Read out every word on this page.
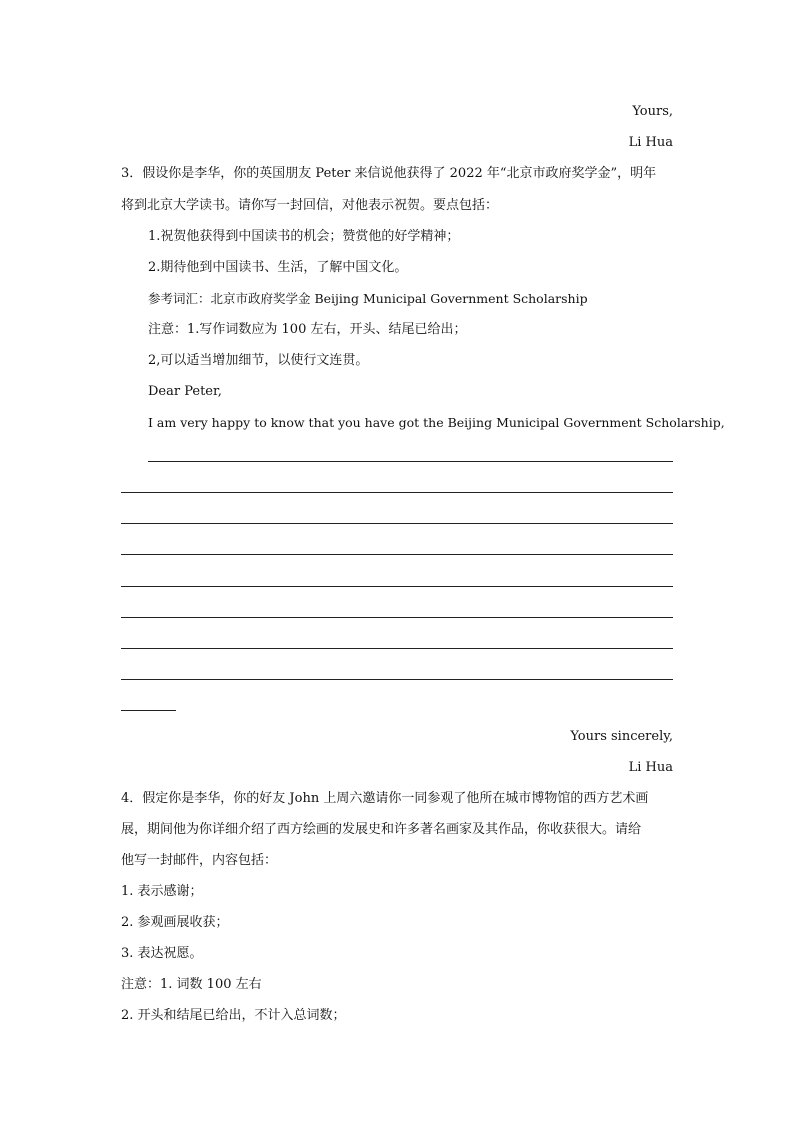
Yours,
Li Hua
3．假设你是李华，你的英国朋友 Peter 来信说他获得了 2022 年“北京市政府奖学金”，明年
将到北京大学读书。请你写一封回信，对他表示祝贺。要点包括：
1.祝贺他获得到中国读书的机会；赞赏他的好学精神；
2.期待他到中国读书、生活，了解中国文化。
参考词汇：北京市政府奖学金 Beijing Municipal Government Scholarship
注意：1.写作词数应为 100 左右，开头、结尾已给出；
2,可以适当增加细节，以使行文连贯。
Dear Peter,
I am very happy to know that you have got the Beijing Municipal Government Scholarship,
Yours sincerely,
Li Hua
4．假定你是李华，你的好友 John 上周六邀请你一同参观了他所在城市博物馆的西方艺术画
展，期间他为你详细介绍了西方绘画的发展史和许多著名画家及其作品，你收获很大。请给
他写一封邮件，内容包括：
1. 表示感谢；
2. 参观画展收获；
3. 表达祝愿。
注意：1. 词数 100 左右
2. 开头和结尾已给出，不计入总词数；
